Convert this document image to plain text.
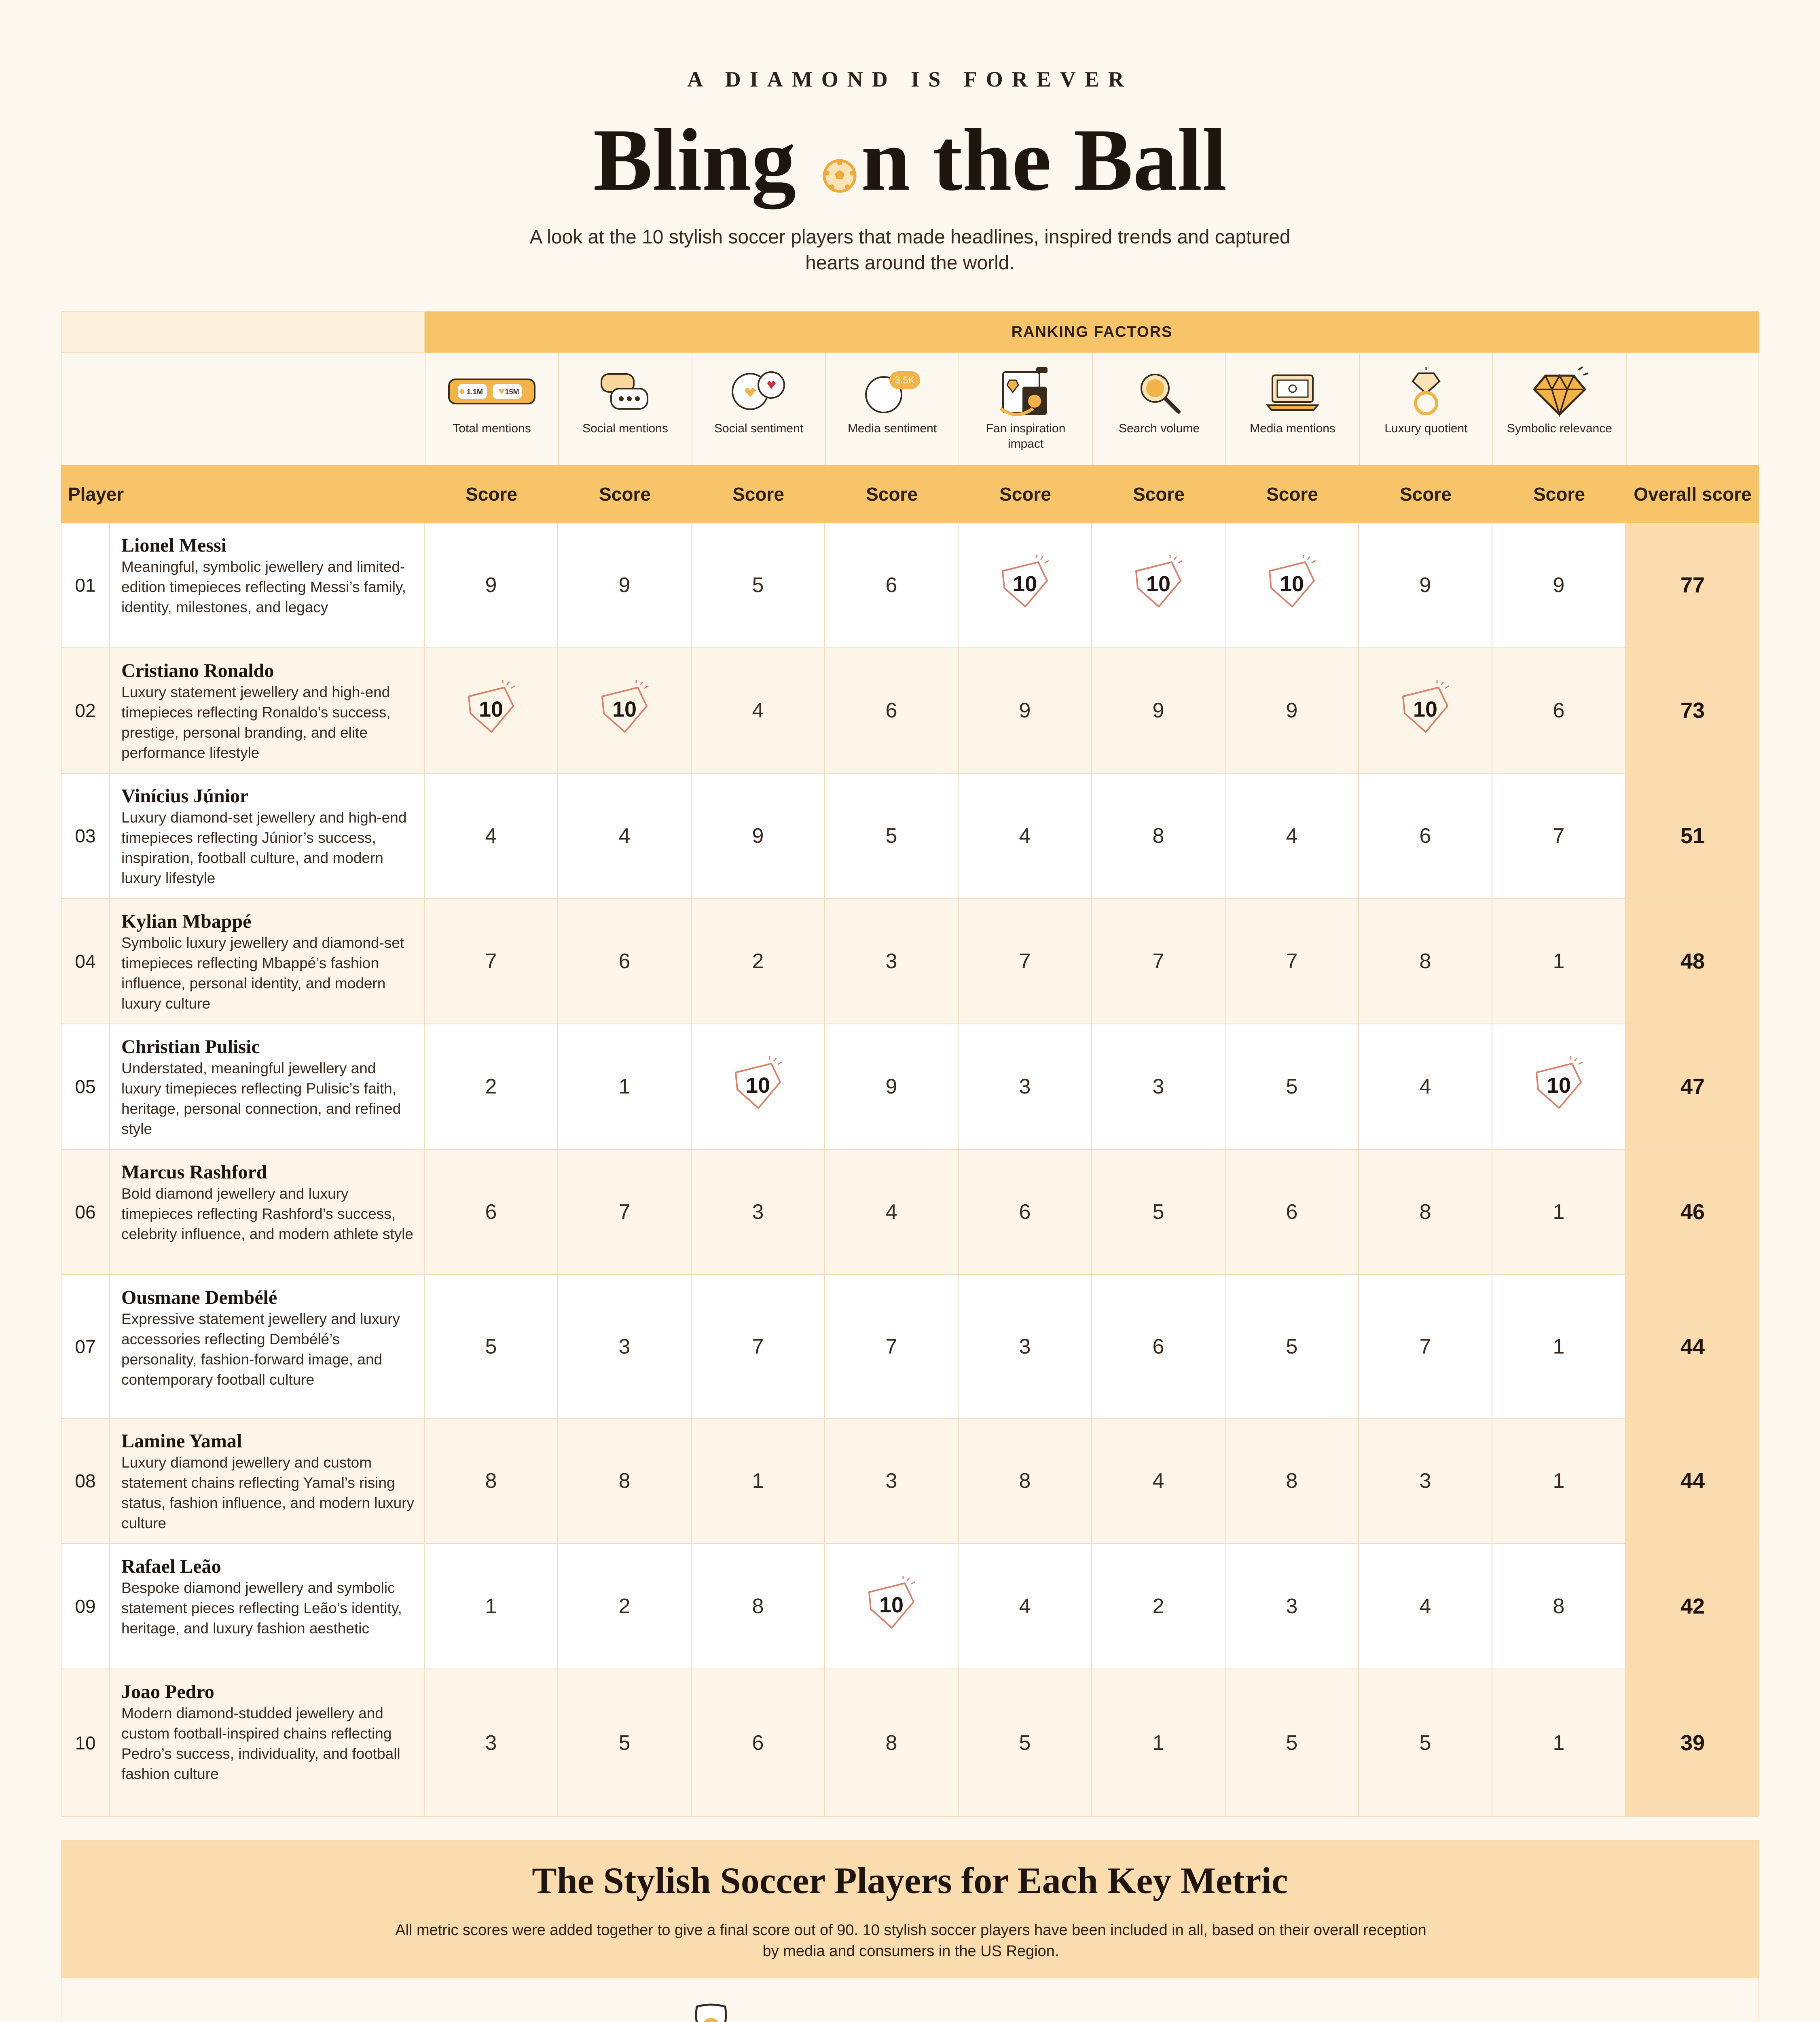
A DIAMOND IS FOREVER
Bling n the Ball
A look at the 10 stylish soccer players that made headlines, inspired trends and captured hearts around the world.
RANKING FACTORS
1.1M	15M
Total mentions	Social mentions	Social sentiment
3.5K
Media sentiment	Fan inspiration impact
Search volume	Media mentions	Luxury quotient	Symbolic relevance
Player	Score	Score	Score	Score	Score	Score	Score	Score	Score	Overall score
01
Lionel Messi
Meaningful, symbolic jewellery and limited-edition timepieces reflecting Messi’s family, identity, milestones, and legacy
9	9	5	6	10	10	10	9	9	77
02
Cristiano Ronaldo
Luxury statement jewellery and high-end timepieces reflecting Ronaldo’s success, prestige, personal branding, and elite performance lifestyle
10	10	4	6	9	9	9	10	6	73
03
Vinícius Júnior
Luxury diamond-set jewellery and high-end timepieces reflecting Júnior’s success, inspiration, football culture, and modern luxury lifestyle
4	4	9	5	4	8	4	6	7	51
04
Kylian Mbappé
Symbolic luxury jewellery and diamond-set timepieces reflecting Mbappé’s fashion influence, personal identity, and modern luxury culture
7	6	2	3	7	7	7	8	1	48
05
Christian Pulisic
Understated, meaningful jewellery and luxury timepieces reflecting Pulisic’s faith, heritage, personal connection, and refined style
2	1	10	9	3	3	5	4	10	47
06
Marcus Rashford
Bold diamond jewellery and luxury timepieces reflecting Rashford’s success, celebrity influence, and modern athlete style
6	7	3	4	6	5	6	8	1	46
07
Ousmane Dembélé
Expressive statement jewellery and luxury accessories reflecting Dembélé’s personality, fashion-forward image, and contemporary football culture
5	3	7	7	3	6	5	7	1	44
08
Lamine Yamal
Luxury diamond jewellery and custom statement chains reflecting Yamal’s rising status, fashion influence, and modern luxury culture
8	8	1	3	8	4	8	3	1	44
09
Rafael Leão
Bespoke diamond jewellery and symbolic statement pieces reflecting Leão’s identity, heritage, and luxury fashion aesthetic
1	2	8	10	4	2	3	4	8	42
10
Joao Pedro
Modern diamond-studded jewellery and custom football-inspired chains reflecting Pedro’s success, individuality, and football fashion culture
3	5	6	8	5	1	5	5	1	39
The Stylish Soccer Players for Each Key Metric
All metric scores were added together to give a final score out of 90. 10 stylish soccer players have been included in all, based on their overall reception by media and consumers in the US Region.
